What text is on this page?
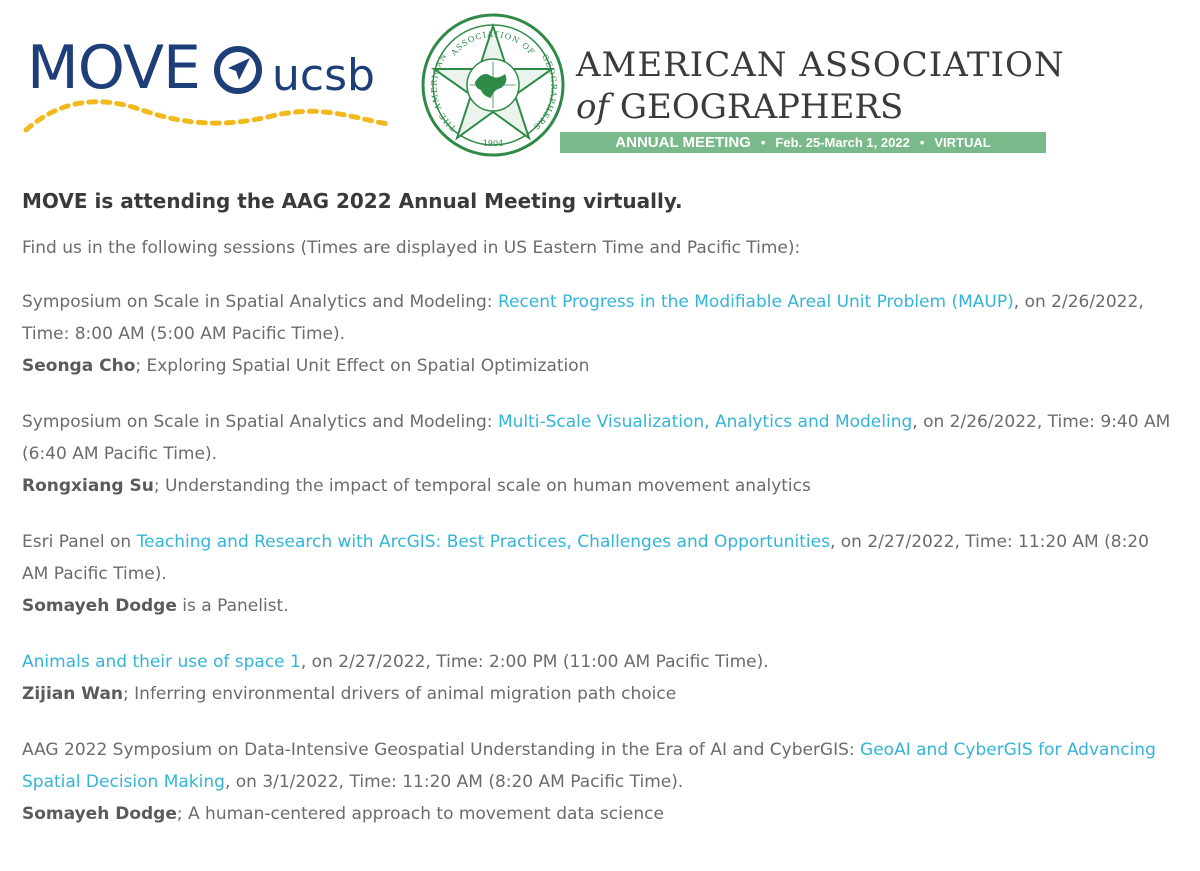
MOVE ucsb	ASSOCIATION OF
THE AMERICAN	GEOGRAPHERS
1904
AMERICAN ASSOCIATION
of GEOGRAPHERS
ANNUAL MEETING • Feb. 25-March 1, 2022 • VIRTUAL
MOVE is attending the AAG 2022 Annual Meeting virtually.

Find us in the following sessions (Times are displayed in US Eastern Time and Pacific Time):

Symposium on Scale in Spatial Analytics and Modeling: Recent Progress in the Modifiable Areal Unit Problem (MAUP), on 2/26/2022, Time: 8:00 AM (5:00 AM Pacific Time).

Seonga Cho; Exploring Spatial Unit Effect on Spatial Optimization

Symposium on Scale in Spatial Analytics and Modeling: Multi-Scale Visualization, Analytics and Modeling, on 2/26/2022, Time: 9:40 AM (6:40 AM Pacific Time).

Rongxiang Su; Understanding the impact of temporal scale on human movement analytics

Esri Panel on Teaching and Research with ArcGIS: Best Practices, Challenges and Opportunities, on 2/27/2022, Time: 11:20 AM (8:20 AM Pacific Time).

Somayeh Dodge is a Panelist.

Animals and their use of space 1, on 2/27/2022, Time: 2:00 PM (11:00 AM Pacific Time).

Zijian Wan; Inferring environmental drivers of animal migration path choice

AAG 2022 Symposium on Data-Intensive Geospatial Understanding in the Era of AI and CyberGIS: GeoAI and CyberGIS for Advancing Spatial Decision Making, on 3/1/2022, Time: 11:20 AM (8:20 AM Pacific Time).

Somayeh Dodge; A human-centered approach to movement data science
